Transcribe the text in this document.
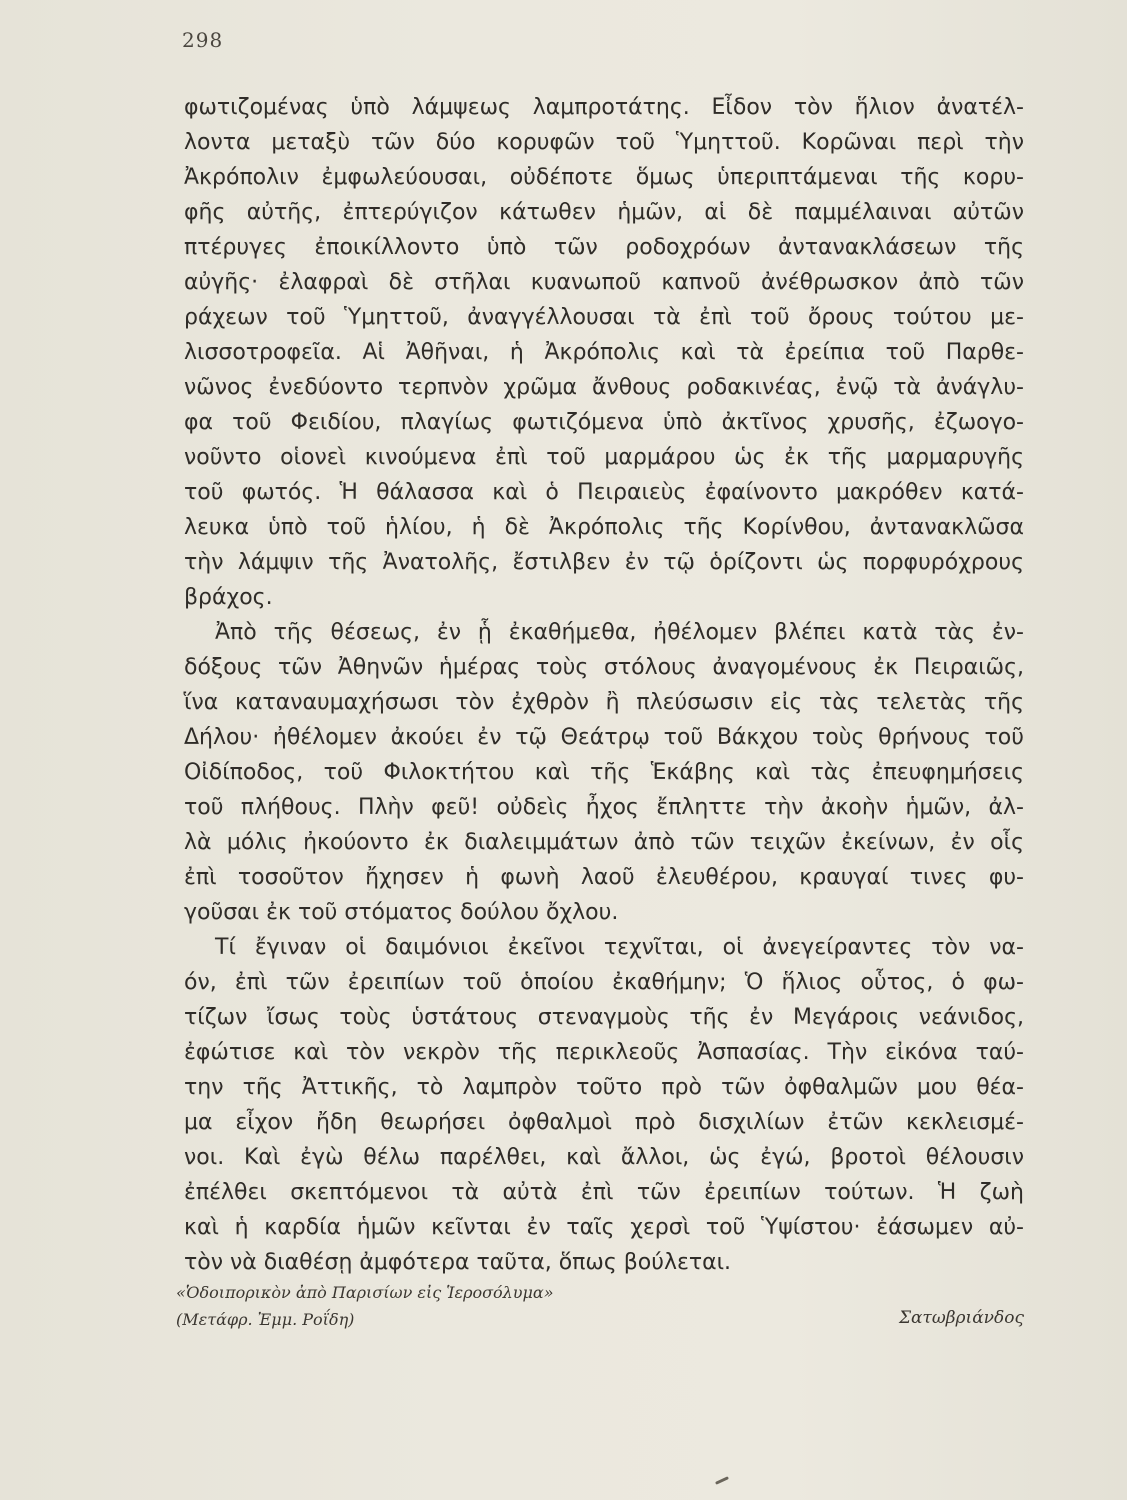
298
φωτιζομένας ὑπὸ λάμψεως λαμπροτάτης. Εἶδον τὸν ἥλιον ἀνατέλ-
λοντα μεταξὺ τῶν δύο κορυφῶν τοῦ Ὑμηττοῦ. Κορῶναι περὶ τὴν
Ἀκρόπολιν ἐμφωλεύουσαι, οὐδέποτε ὅμως ὑπεριπτάμεναι τῆς κορυ-
φῆς αὐτῆς, ἐπτερύγιζον κάτωθεν ἡμῶν, αἱ δὲ παμμέλαιναι αὐτῶν
πτέρυγες ἐποικίλλοντο ὑπὸ τῶν ροδοχρόων ἀντανακλάσεων τῆς
αὐγῆς· ἐλαφραὶ δὲ στῆλαι κυανωποῦ καπνοῦ ἀνέθρωσκον ἀπὸ τῶν
ράχεων τοῦ Ὑμηττοῦ, ἀναγγέλλουσαι τὰ ἐπὶ τοῦ ὄρους τούτου με-
λισσοτροφεῖα. Αἱ Ἀθῆναι, ἡ Ἀκρόπολις καὶ τὰ ἐρείπια τοῦ Παρθε-
νῶνος ἐνεδύοντο τερπνὸν χρῶμα ἄνθους ροδακινέας, ἐνῷ τὰ ἀνάγλυ-
φα τοῦ Φειδίου, πλαγίως φωτιζόμενα ὑπὸ ἀκτῖνος χρυσῆς, ἐζωογο-
νοῦντο οἱονεὶ κινούμενα ἐπὶ τοῦ μαρμάρου ὡς ἐκ τῆς μαρμαρυγῆς
τοῦ φωτός. Ἡ θάλασσα καὶ ὁ Πειραιεὺς ἐφαίνοντο μακρόθεν κατά-
λευκα ὑπὸ τοῦ ἡλίου, ἡ δὲ Ἀκρόπολις τῆς Κορίνθου, ἀντανακλῶσα
τὴν λάμψιν τῆς Ἀνατολῆς, ἔστιλβεν ἐν τῷ ὁρίζοντι ὡς πορφυρόχρους
βράχος.
Ἀπὸ τῆς θέσεως, ἐν ᾗ ἐκαθήμεθα, ἠθέλομεν βλέπει κατὰ τὰς ἐν-
δόξους τῶν Ἀθηνῶν ἡμέρας τοὺς στόλους ἀναγομένους ἐκ Πειραιῶς,
ἵνα καταναυμαχήσωσι τὸν ἐχθρὸν ἢ πλεύσωσιν εἰς τὰς τελετὰς τῆς
Δήλου· ἠθέλομεν ἀκούει ἐν τῷ Θεάτρῳ τοῦ Βάκχου τοὺς θρήνους τοῦ
Οἰδίποδος, τοῦ Φιλοκτήτου καὶ τῆς Ἑκάβης καὶ τὰς ἐπευφημήσεις
τοῦ πλήθους. Πλὴν φεῦ! οὐδεὶς ἦχος ἔπληττε τὴν ἀκοὴν ἡμῶν, ἀλ-
λὰ μόλις ἠκούοντο ἐκ διαλειμμάτων ἀπὸ τῶν τειχῶν ἐκείνων, ἐν οἷς
ἐπὶ τοσοῦτον ἤχησεν ἡ φωνὴ λαοῦ ἐλευθέρου, κραυγαί τινες φυ-
γοῦσαι ἐκ τοῦ στόματος δούλου ὄχλου.
Τί ἔγιναν οἱ δαιμόνιοι ἐκεῖνοι τεχνῖται, οἱ ἀνεγείραντες τὸν να-
όν, ἐπὶ τῶν ἐρειπίων τοῦ ὁποίου ἐκαθήμην; Ὁ ἥλιος οὗτος, ὁ φω-
τίζων ἴσως τοὺς ὑστάτους στεναγμοὺς τῆς ἐν Μεγάροις νεάνιδος,
ἐφώτισε καὶ τὸν νεκρὸν τῆς περικλεοῦς Ἀσπασίας. Τὴν εἰκόνα ταύ-
την τῆς Ἀττικῆς, τὸ λαμπρὸν τοῦτο πρὸ τῶν ὀφθαλμῶν μου θέα-
μα εἶχον ἤδη θεωρήσει ὀφθαλμοὶ πρὸ δισχιλίων ἐτῶν κεκλεισμέ-
νοι. Καὶ ἐγὼ θέλω παρέλθει, καὶ ἄλλοι, ὡς ἐγώ, βροτοὶ θέλουσιν
ἐπέλθει σκεπτόμενοι τὰ αὐτὰ ἐπὶ τῶν ἐρειπίων τούτων. Ἡ ζωὴ
καὶ ἡ καρδία ἡμῶν κεῖνται ἐν ταῖς χερσὶ τοῦ Ὑψίστου· ἐάσωμεν αὐ-
τὸν νὰ διαθέσῃ ἀμφότερα ταῦτα, ὅπως βούλεται.
«Ὁδοιπορικὸν ἀπὸ Παρισίων εἰς Ἱεροσόλυμα»
(Μετάφρ. Ἐμμ. Ροΐδη)	Σατωβριάνδος
